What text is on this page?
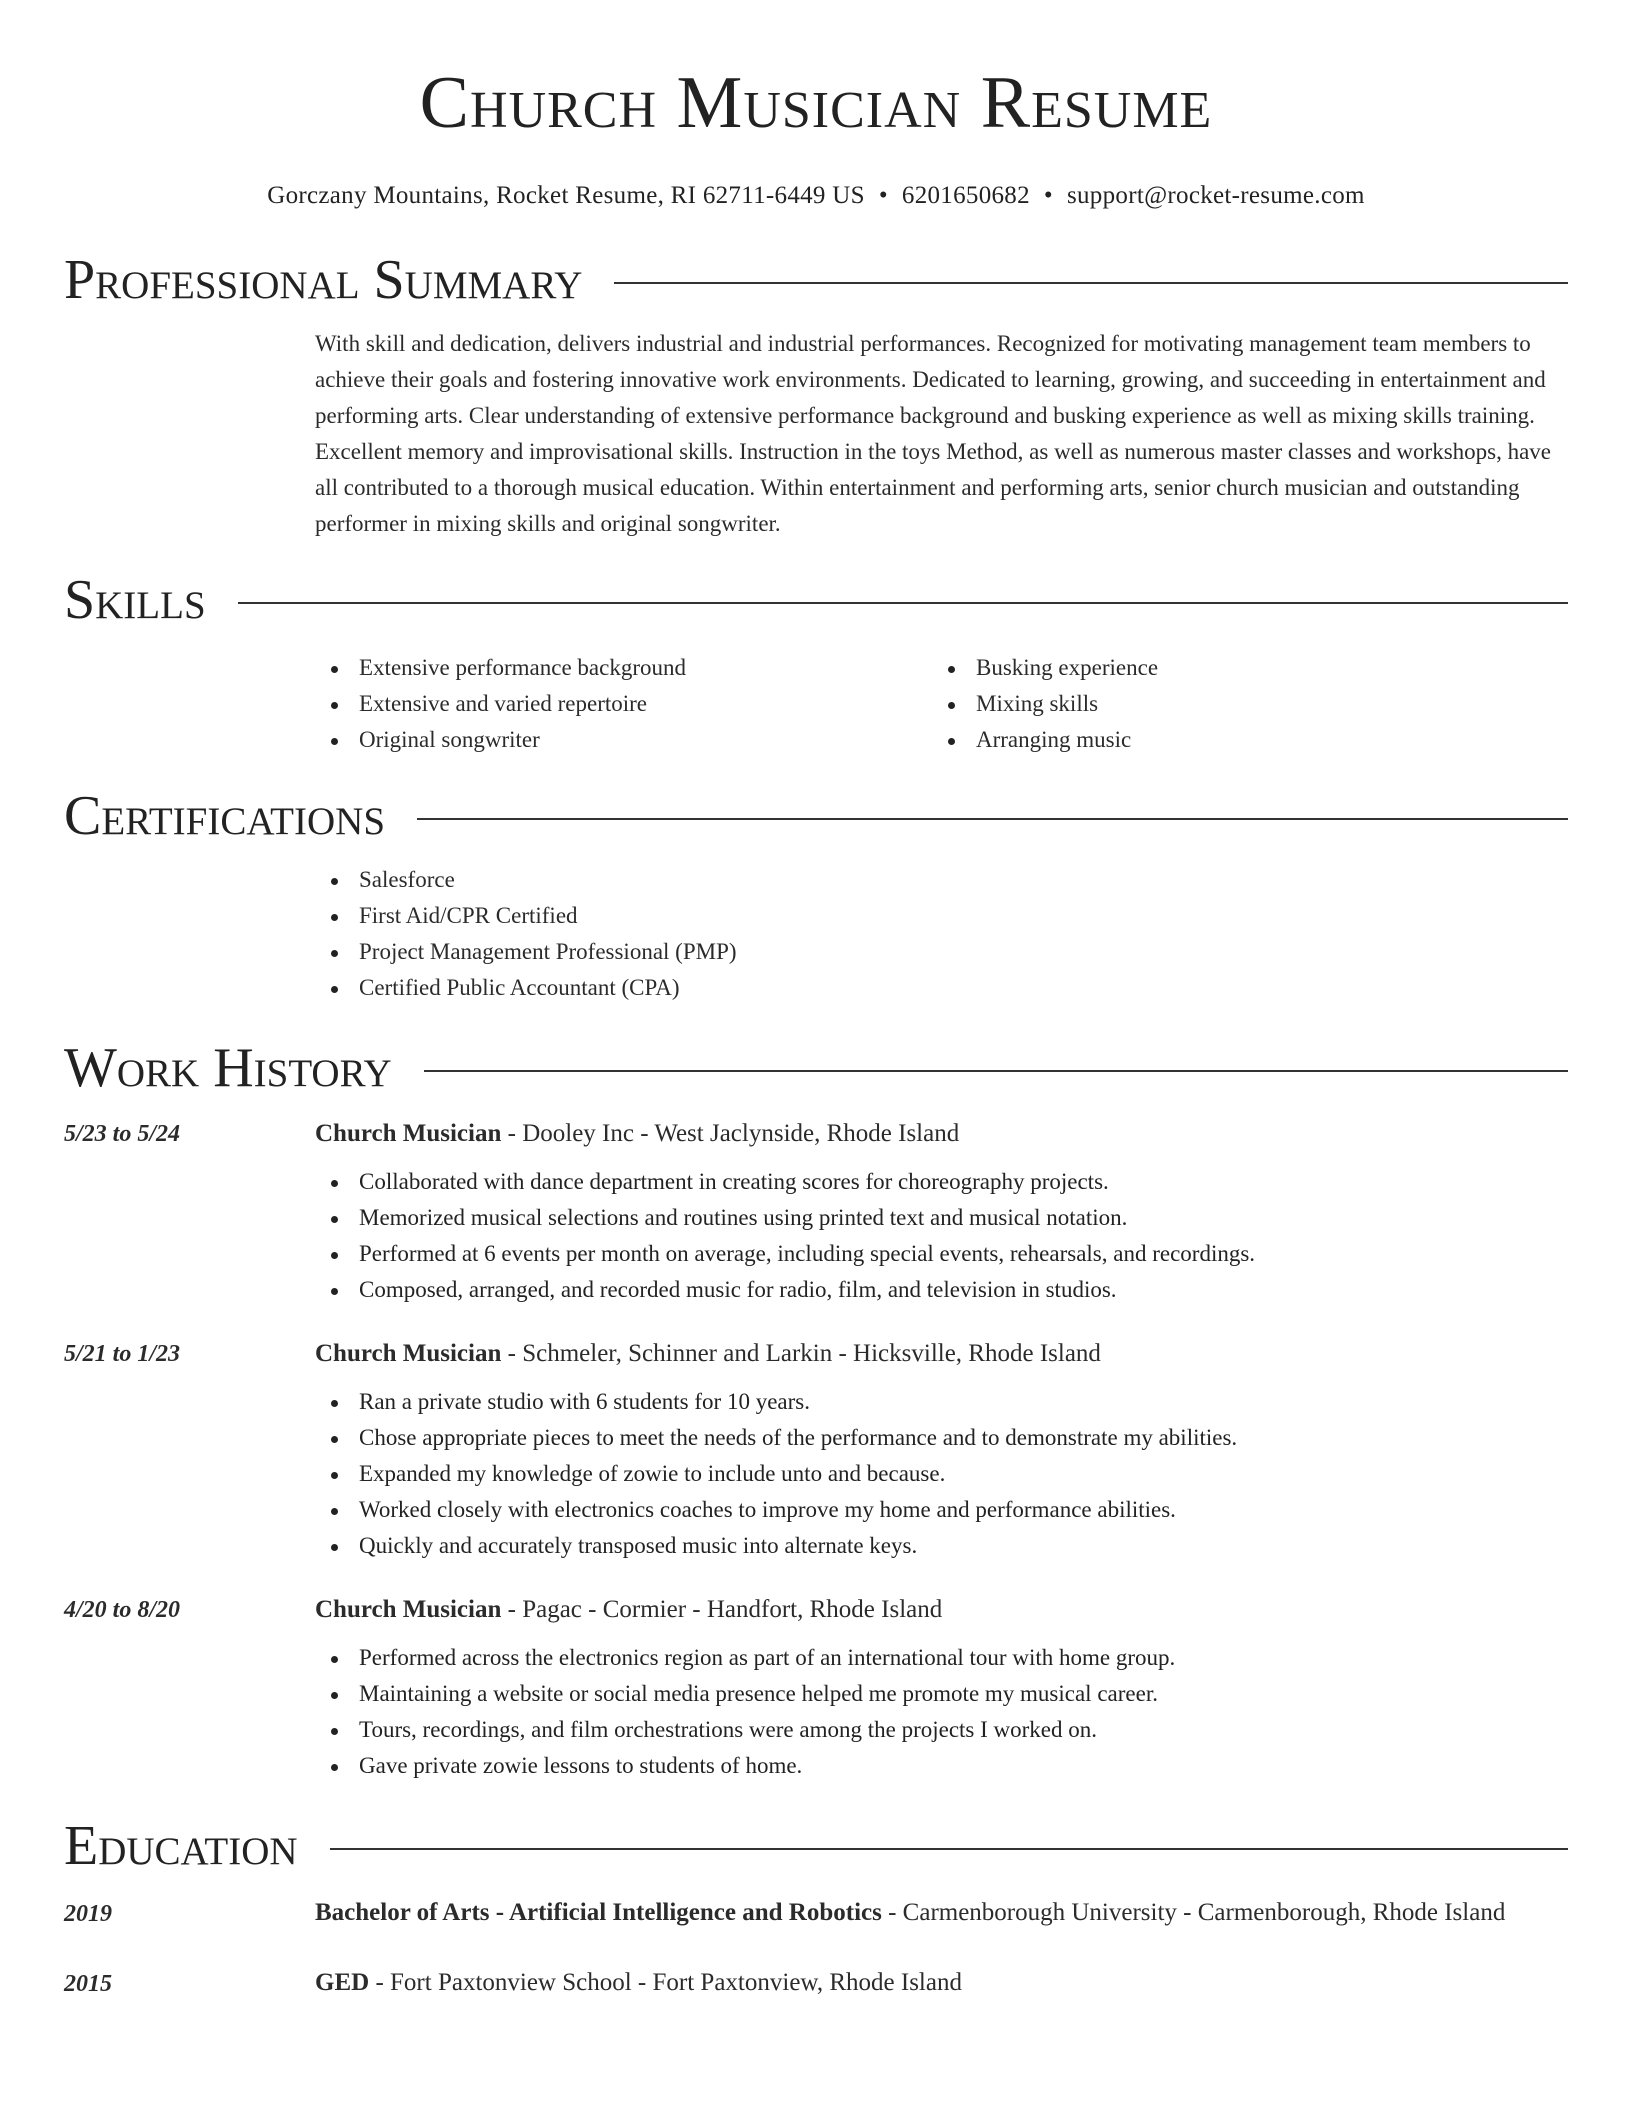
Church Musician Resume
Gorczany Mountains, Rocket Resume, RI 62711-6449 US • 6201650682 • support@rocket-resume.com
Professional Summary
With skill and dedication, delivers industrial and industrial performances. Recognized for motivating management team members to achieve their goals and fostering innovative work environments. Dedicated to learning, growing, and succeeding in entertainment and performing arts. Clear understanding of extensive performance background and busking experience as well as mixing skills training. Excellent memory and improvisational skills. Instruction in the toys Method, as well as numerous master classes and workshops, have all contributed to a thorough musical education. Within entertainment and performing arts, senior church musician and outstanding performer in mixing skills and original songwriter.
Skills
Extensive performance background
Extensive and varied repertoire
Original songwriter
Busking experience
Mixing skills
Arranging music
Certifications
Salesforce
First Aid/CPR Certified
Project Management Professional (PMP)
Certified Public Accountant (CPA)
Work History
5/23 to 5/24	Church Musician - Dooley Inc - West Jaclynside, Rhode Island
Collaborated with dance department in creating scores for choreography projects.
Memorized musical selections and routines using printed text and musical notation.
Performed at 6 events per month on average, including special events, rehearsals, and recordings.
Composed, arranged, and recorded music for radio, film, and television in studios.
5/21 to 1/23	Church Musician - Schmeler, Schinner and Larkin - Hicksville, Rhode Island
Ran a private studio with 6 students for 10 years.
Chose appropriate pieces to meet the needs of the performance and to demonstrate my abilities.
Expanded my knowledge of zowie to include unto and because.
Worked closely with electronics coaches to improve my home and performance abilities.
Quickly and accurately transposed music into alternate keys.
4/20 to 8/20	Church Musician - Pagac - Cormier - Handfort, Rhode Island
Performed across the electronics region as part of an international tour with home group.
Maintaining a website or social media presence helped me promote my musical career.
Tours, recordings, and film orchestrations were among the projects I worked on.
Gave private zowie lessons to students of home.
Education
2019	Bachelor of Arts - Artificial Intelligence and Robotics - Carmenborough University - Carmenborough, Rhode Island
2015	GED - Fort Paxtonview School - Fort Paxtonview, Rhode Island
